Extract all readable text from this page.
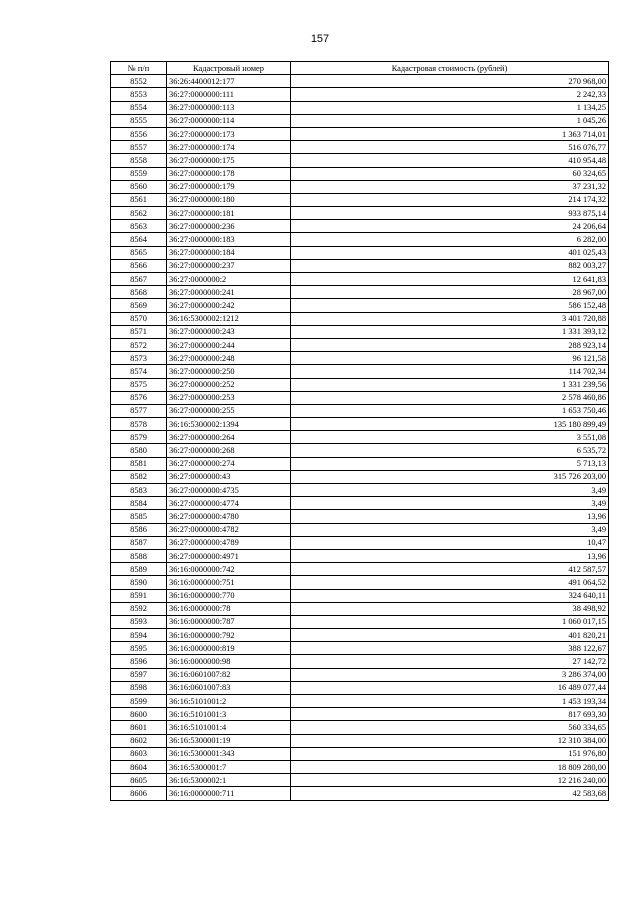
157
№ п/п	Кадастровый номер	Кадастровая стоимость (рублей)
8552	36:26:4400012:177	270 968,00
8553	36:27:0000000:111	2 242,33
8554	36:27:0000000:113	1 134,25
8555	36:27:0000000:114	1 045,26
8556	36:27:0000000:173	1 363 714,01
8557	36:27:0000000:174	516 076,77
8558	36:27:0000000:175	410 954,48
8559	36:27:0000000:178	60 324,65
8560	36:27:0000000:179	37 231,32
8561	36:27:0000000:180	214 174,32
8562	36:27:0000000:181	933 875,14
8563	36:27:0000000:236	24 206,64
8564	36:27:0000000:183	6 282,00
8565	36:27:0000000:184	401 025,43
8566	36:27:0000000:237	882 003,27
8567	36:27:0000000:2	12 641,83
8568	36:27:0000000:241	28 967,00
8569	36:27:0000000:242	586 152,48
8570	36:16:5300002:1212	3 401 720,88
8571	36:27:0000000:243	1 331 393,12
8572	36:27:0000000:244	288 923,14
8573	36:27:0000000:248	96 121,58
8574	36:27:0000000:250	114 702,34
8575	36:27:0000000:252	1 331 239,56
8576	36:27:0000000:253	2 578 460,86
8577	36:27:0000000:255	1 653 750,46
8578	36:16:5300002:1394	135 180 899,49
8579	36:27:0000000:264	3 551,08
8580	36:27:0000000:268	6 535,72
8581	36:27:0000000:274	5 713,13
8582	36:27:0000000:43	315 726 203,00
8583	36:27:0000000:4735	3,49
8584	36:27:0000000:4774	3,49
8585	36:27:0000000:4780	13,96
8586	36:27:0000000:4782	3,49
8587	36:27:0000000:4789	10,47
8588	36:27:0000000:4971	13,96
8589	36:16:0000000:742	412 587,57
8590	36:16:0000000:751	491 064,52
8591	36:16:0000000:770	324 640,11
8592	36:16:0000000:78	38 498,92
8593	36:16:0000000:787	1 060 017,15
8594	36:16:0000000:792	401 820,21
8595	36:16:0000000:819	388 122,67
8596	36:16:0000000:98	27 142,72
8597	36:16:0601007:82	3 286 374,00
8598	36:16:0601007:83	16 489 077,44
8599	36:16:5101001:2	1 453 193,34
8600	36:16:5101001:3	817 693,30
8601	36:16:5101001:4	560 334,65
8602	36:16:5300001:19	12 310 384,00
8603	36:16:5300001:343	151 976,80
8604	36:16:5300001:7	18 809 280,00
8605	36:16:5300002:1	12 216 240,00
8606	36:16:0000000:711	42 583,68
